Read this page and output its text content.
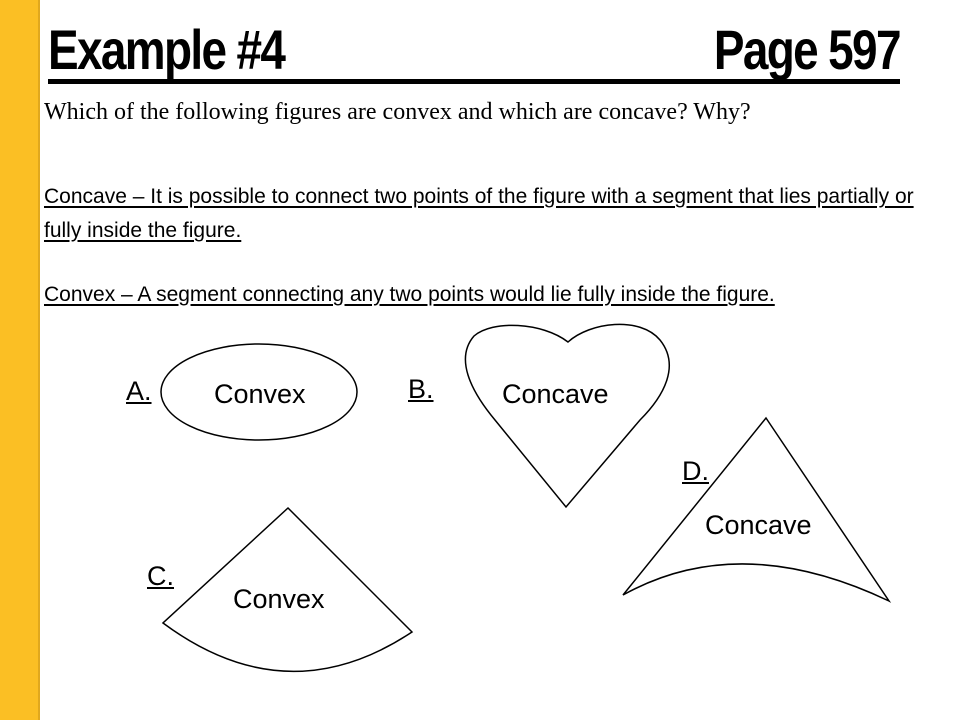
Example #4	Page 597
Which of the following figures are convex and which are concave? Why?
Concave – It is possible to connect two points of the figure with a segment that lies partially or fully inside the figure.
Convex – A segment connecting any two points would lie fully inside the figure.
A. Convex	B.	Concave
C.
Convex
D.
Concave
